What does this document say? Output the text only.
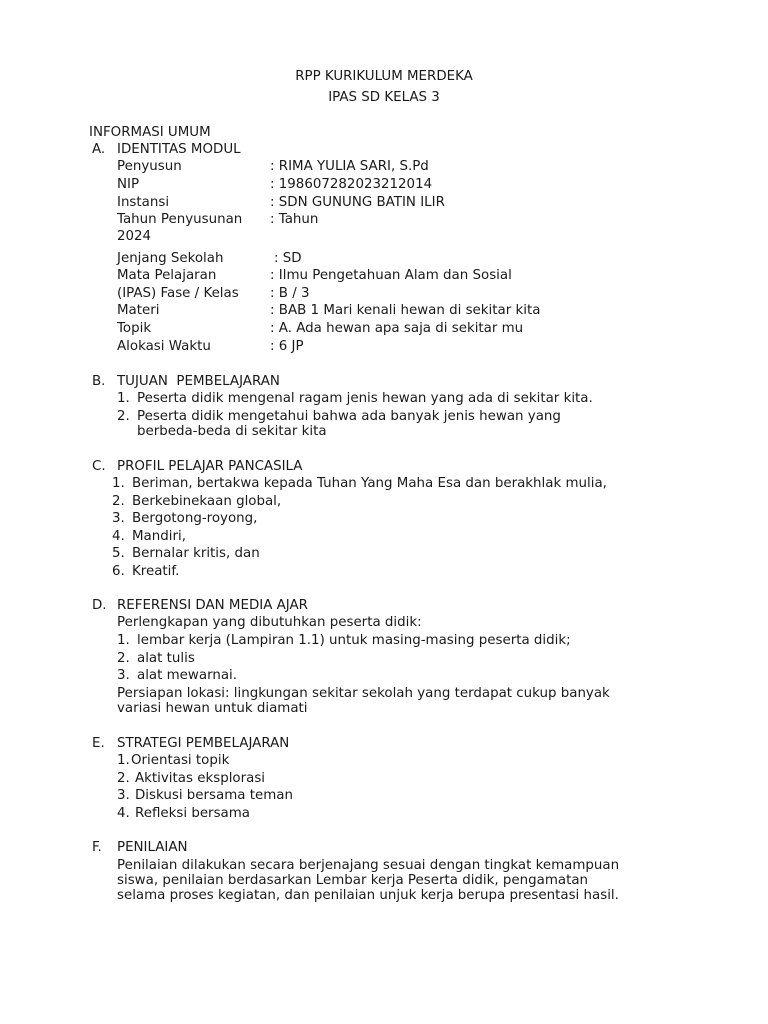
RPP KURIKULUM MERDEKA
IPAS SD KELAS 3
INFORMASI UMUM
A. IDENTITAS MODUL
Penyusun	: RIMA YULIA SARI, S.Pd
NIP	: 198607282023212014
Instansi	: SDN GUNUNG BATIN ILIR
Tahun Penyusunan : Tahun
2024
Jenjang Sekolah	: SD
Mata Pelajaran	: Ilmu Pengetahuan Alam dan Sosial
(IPAS) Fase / Kelas : B / 3
Materi	: BAB 1 Mari kenali hewan di sekitar kita
Topik	: A. Ada hewan apa saja di sekitar mu
Alokasi Waktu	: 6 JP
B. TUJUAN  PEMBELAJARAN
1. Peserta didik mengenal ragam jenis hewan yang ada di sekitar kita.
2. Peserta didik mengetahui bahwa ada banyak jenis hewan yang
berbeda-beda di sekitar kita
C. PROFIL PELAJAR PANCASILA
1. Beriman, bertakwa kepada Tuhan Yang Maha Esa dan berakhlak mulia,
2. Berkebinekaan global,
3. Bergotong-royong,
4. Mandiri,
5. Bernalar kritis, dan
6. Kreatif.
D. REFERENSI DAN MEDIA AJAR
Perlengkapan yang dibutuhkan peserta didik:
1. lembar kerja (Lampiran 1.1) untuk masing-masing peserta didik;
2. alat tulis
3. alat mewarnai.
Persiapan lokasi: lingkungan sekitar sekolah yang terdapat cukup banyak
variasi hewan untuk diamati
E. STRATEGI PEMBELAJARAN
1.Orientasi topik
2. Aktivitas eksplorasi
3. Diskusi bersama teman
4. Refleksi bersama
F. PENILAIAN
Penilaian dilakukan secara berjenajang sesuai dengan tingkat kemampuan
siswa, penilaian berdasarkan Lembar kerja Peserta didik, pengamatan
selama proses kegiatan, dan penilaian unjuk kerja berupa presentasi hasil.
